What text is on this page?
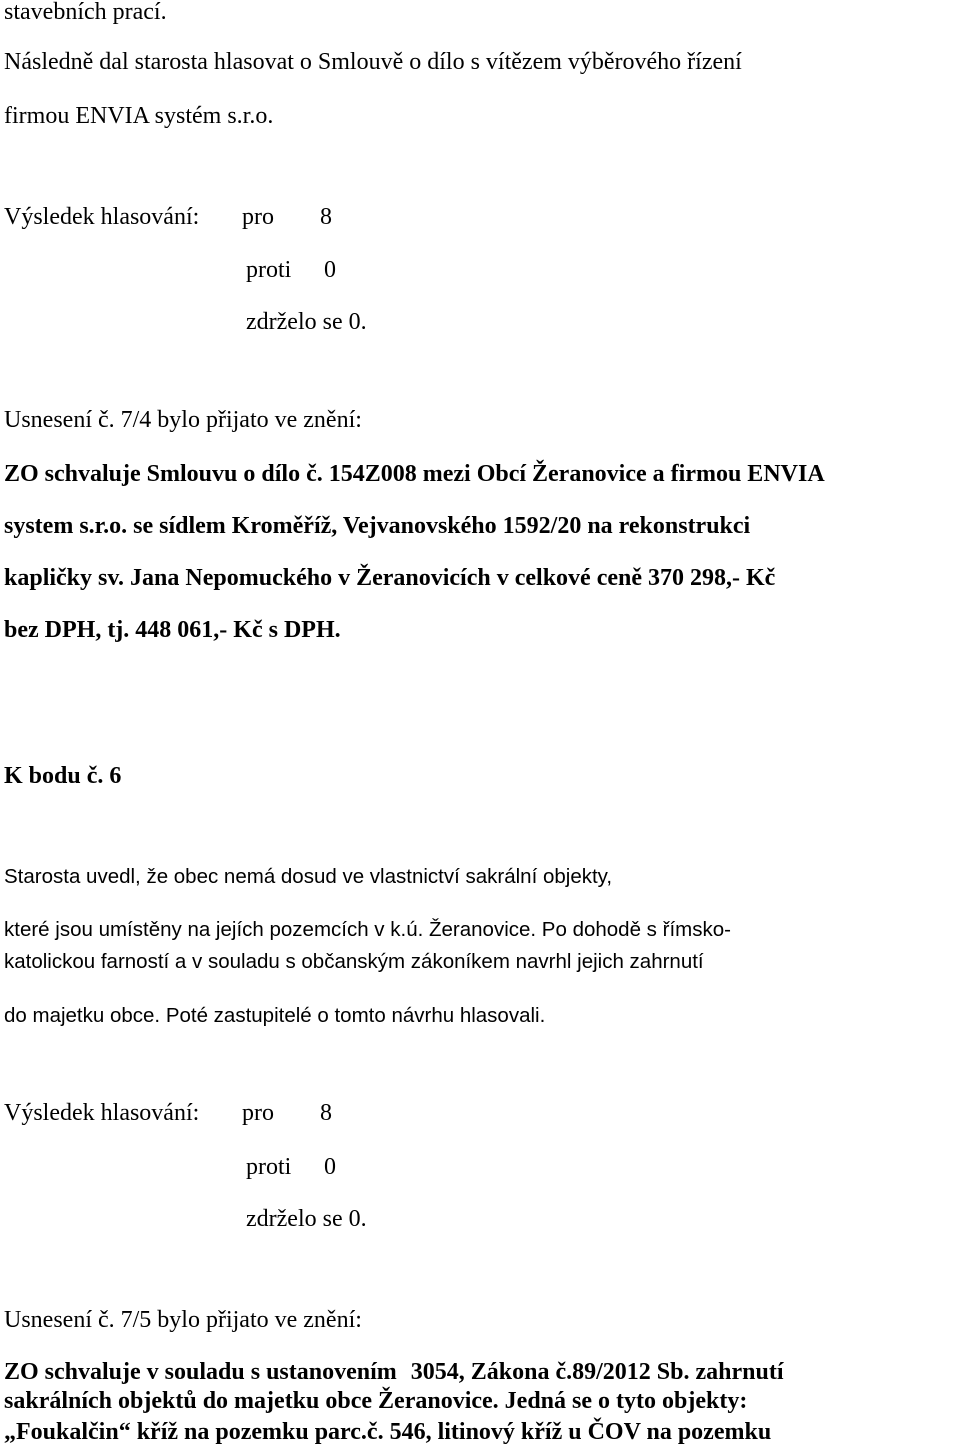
stavebních prací.
Následně dal starosta hlasovat o Smlouvě o dílo s vítězem výběrového řízení
firmou ENVIA systém s.r.o.
Výsledek hlasování: pro 8
proti 0
zdrželo se 0.
Usnesení č. 7/4 bylo přijato ve znění:
ZO schvaluje Smlouvu o dílo č. 154Z008 mezi Obcí Žeranovice a firmou ENVIA
system s.r.o. se sídlem Kroměříž, Vejvanovského 1592/20 na rekonstrukci
kapličky sv. Jana Nepomuckého v Žeranovicích v celkové ceně 370 298,- Kč
bez DPH, tj. 448 061,- Kč s DPH.
K bodu č. 6
Starosta uvedl, že obec nemá dosud ve vlastnictví sakrální objekty,
které jsou umístěny na jejích pozemcích v k.ú. Žeranovice. Po dohodě s římsko-
katolickou farností a v souladu s občanským zákoníkem navrhl jejich zahrnutí
do majetku obce. Poté zastupitelé o tomto návrhu hlasovali.
Výsledek hlasování: pro 8
proti 0
zdrželo se 0.
Usnesení č. 7/5 bylo přijato ve znění:
ZO schvaluje v souladu s ustanovením 3054, Zákona č.89/2012 Sb. zahrnutí
sakrálních objektů do majetku obce Žeranovice. Jedná se o tyto objekty:
„Foukalčin“ kříž na pozemku parc.č. 546, litinový kříž u ČOV na pozemku
